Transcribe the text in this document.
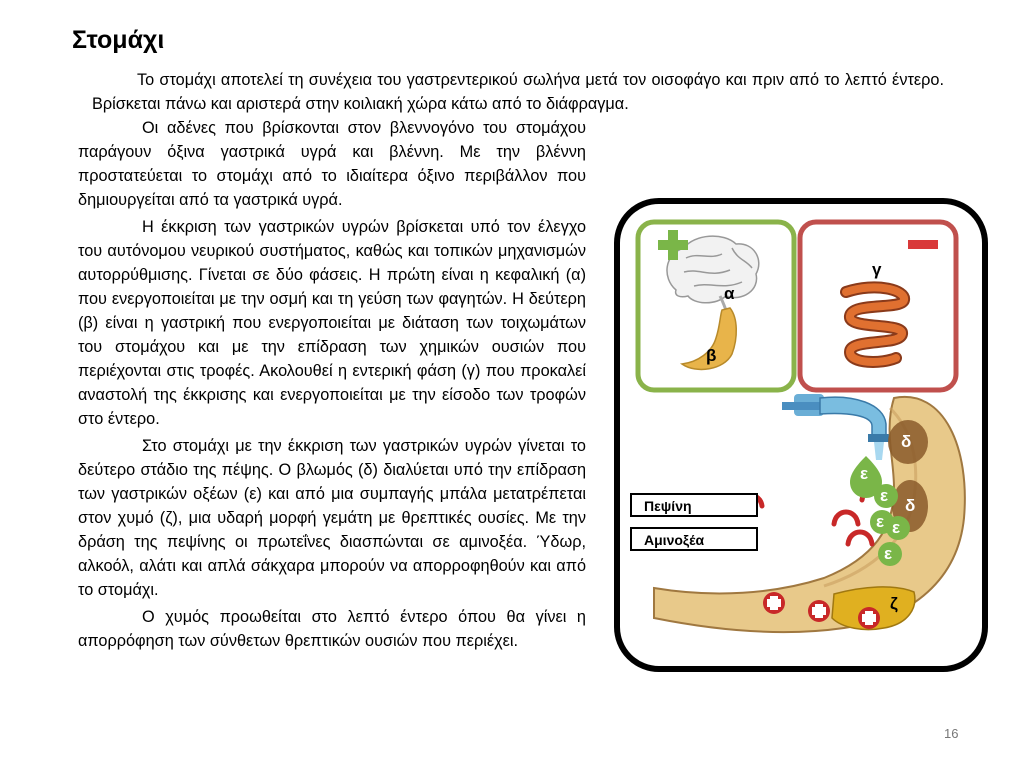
Στομάχι

Το στομάχι αποτελεί τη συνέχεια του γαστρεντερικού σωλήνα μετά τον οισοφάγο και πριν από το λεπτό έντερο. Βρίσκεται πάνω και αριστερά στην κοιλιακή χώρα κάτω από το διάφραγμα.

Οι αδένες που βρίσκονται στον βλεννογόνο του στομάχου παράγουν όξινα γαστρικά υγρά και βλέννη. Με την βλέννη προστατεύεται το στομάχι από το ιδιαίτερα όξινο περιβάλλον που δημιουργείται από τα γαστρικά υγρά.

Η έκκριση των γαστρικών υγρών βρίσκεται υπό τον έλεγχο του αυτόνομου νευρικού συστήματος, καθώς και τοπικών μηχανισμών αυτορρύθμισης. Γίνεται σε δύο φάσεις. Η πρώτη είναι η κεφαλική (α) που ενεργοποιείται με την οσμή και τη γεύση των φαγητών. Η δεύτερη (β) είναι η γαστρική που ενεργοποιείται με διάταση των τοιχωμάτων του στομάχου και με την επίδραση των χημικών ουσιών που περιέχονται στις τροφές. Ακολουθεί η εντερική φάση (γ) που προκαλεί αναστολή της έκκρισης και ενεργοποιείται με την είσοδο των τροφών στο έντερο.

Στο στομάχι με την έκκριση των γαστρικών υγρών γίνεται το δεύτερο στάδιο της πέψης. Ο βλωμός (δ) διαλύεται υπό την επίδραση των γαστρικών οξέων (ε) και από μια συμπαγής μπάλα μετατρέπεται στον χυμό (ζ), μια υδαρή μορφή γεμάτη με θρεπτικές ουσίες. Με την δράση της πεψίνης οι πρωτεΐνες διασπώνται σε αμινοξέα. Ύδωρ, αλκοόλ, αλάτι και απλά σάκχαρα μπορούν να απορροφηθούν και από το στομάχι.

Ο χυμός προωθείται στο λεπτό έντερο όπου θα γίνει η απορρόφηση των σύνθετων θρεπτικών ουσιών που περιέχει.

α
β
γ
δ
δ
ε
ε
ε ε
ε
ζ
Πεψίνη
Αμινοξέα
16
